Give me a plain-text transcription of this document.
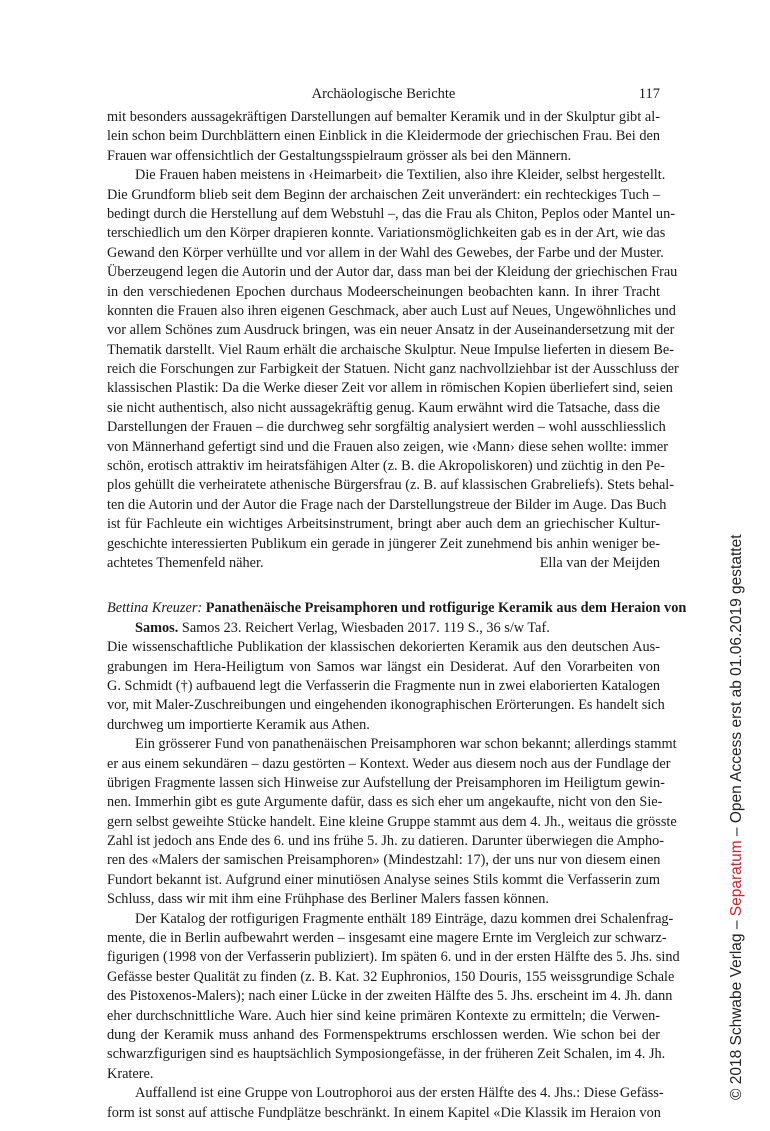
Archäologische Berichte	117
mit besonders aussagekräftigen Darstellungen auf bemalter Keramik und in der Skulptur gibt al-
lein schon beim Durchblättern einen Einblick in die Kleidermode der griechischen Frau. Bei den
Frauen war offensichtlich der Gestaltungsspielraum grösser als bei den Männern.
Die Frauen haben meistens in ‹Heimarbeit› die Textilien, also ihre Kleider, selbst hergestellt.
Die Grundform blieb seit dem Beginn der archaischen Zeit unverändert: ein rechteckiges Tuch –
bedingt durch die Herstellung auf dem Webstuhl –, das die Frau als Chiton, Peplos oder Mantel un-
terschiedlich um den Körper drapieren konnte. Variationsmöglichkeiten gab es in der Art, wie das
Gewand den Körper verhüllte und vor allem in der Wahl des Gewebes, der Farbe und der Muster.
Überzeugend legen die Autorin und der Autor dar, dass man bei der Kleidung der griechischen Frau
in den verschiedenen Epochen durchaus Modeerscheinungen beobachten kann. In ihrer Tracht
konnten die Frauen also ihren eigenen Geschmack, aber auch Lust auf Neues, Ungewöhnliches und
vor allem Schönes zum Ausdruck bringen, was ein neuer Ansatz in der Auseinandersetzung mit der
Thematik darstellt. Viel Raum erhält die archaische Skulptur. Neue Impulse lieferten in diesem Be-
reich die Forschungen zur Farbigkeit der Statuen. Nicht ganz nachvollziehbar ist der Ausschluss der
klassischen Plastik: Da die Werke dieser Zeit vor allem in römischen Kopien überliefert sind, seien
sie nicht authentisch, also nicht aussagekräftig genug. Kaum erwähnt wird die Tatsache, dass die
Darstellungen der Frauen – die durchweg sehr sorgfältig analysiert werden – wohl ausschliesslich
von Männerhand gefertigt sind und die Frauen also zeigen, wie ‹Mann› diese sehen wollte: immer
schön, erotisch attraktiv im heiratsfähigen Alter (z. B. die Akropoliskoren) und züchtig in den Pe-
plos gehüllt die verheiratete athenische Bürgersfrau (z. B. auf klassischen Grabreliefs). Stets behal-
ten die Autorin und der Autor die Frage nach der Darstellungstreue der Bilder im Auge. Das Buch
ist für Fachleute ein wichtiges Arbeitsinstrument, bringt aber auch dem an griechischer Kultur-
geschichte interessierten Publikum ein gerade in jüngerer Zeit zunehmend bis anhin weniger be-
achtetes Themenfeld näher.	Ella van der Meijden
Bettina Kreuzer: Panathenäische Preisamphoren und rotfigurige Keramik aus dem Heraion von
Samos. Samos 23. Reichert Verlag, Wiesbaden 2017. 119 S., 36 s/w Taf.
Die wissenschaftliche Publikation der klassischen dekorierten Keramik aus den deutschen Aus-
grabungen im Hera-Heiligtum von Samos war längst ein Desiderat. Auf den Vorarbeiten von
G. Schmidt (†) aufbauend legt die Verfasserin die Fragmente nun in zwei elaborierten Katalogen
vor, mit Maler-Zuschreibungen und eingehenden ikonographischen Erörterungen. Es handelt sich
durchweg um importierte Keramik aus Athen.
Ein grösserer Fund von panathenäischen Preisamphoren war schon bekannt; allerdings stammt
er aus einem sekundären – dazu gestörten – Kontext. Weder aus diesem noch aus der Fundlage der
übrigen Fragmente lassen sich Hinweise zur Aufstellung der Preisamphoren im Heiligtum gewin-
nen. Immerhin gibt es gute Argumente dafür, dass es sich eher um angekaufte, nicht von den Sie-
gern selbst geweihte Stücke handelt. Eine kleine Gruppe stammt aus dem 4. Jh., weitaus die grösste
Zahl ist jedoch ans Ende des 6. und ins frühe 5. Jh. zu datieren. Darunter überwiegen die Ampho-
ren des «Malers der samischen Preisamphoren» (Mindestzahl: 17), der uns nur von diesem einen
Fundort bekannt ist. Aufgrund einer minutiösen Analyse seines Stils kommt die Verfasserin zum
Schluss, dass wir mit ihm eine Frühphase des Berliner Malers fassen können.
Der Katalog der rotfigurigen Fragmente enthält 189 Einträge, dazu kommen drei Schalenfrag-
mente, die in Berlin aufbewahrt werden – insgesamt eine magere Ernte im Vergleich zur schwarz-
figurigen (1998 von der Verfasserin publiziert). Im späten 6. und in der ersten Hälfte des 5. Jhs. sind
Gefässe bester Qualität zu finden (z. B. Kat. 32 Euphronios, 150 Douris, 155 weissgrundige Schale
des Pistoxenos-Malers); nach einer Lücke in der zweiten Hälfte des 5. Jhs. erscheint im 4. Jh. dann
eher durchschnittliche Ware. Auch hier sind keine primären Kontexte zu ermitteln; die Verwen-
dung der Keramik muss anhand des Formenspektrums erschlossen werden. Wie schon bei der
schwarzfigurigen sind es hauptsächlich Symposiongefässe, in der früheren Zeit Schalen, im 4. Jh.
Kratere.
Auffallend ist eine Gruppe von Loutrophoroi aus der ersten Hälfte des 4. Jhs.: Diese Gefäss-
form ist sonst auf attische Fundplätze beschränkt. In einem Kapitel «Die Klassik im Heraion von
© 2018 Schwabe Verlag – Separatum – Open Access erst ab 01.06.2019 gestattet
